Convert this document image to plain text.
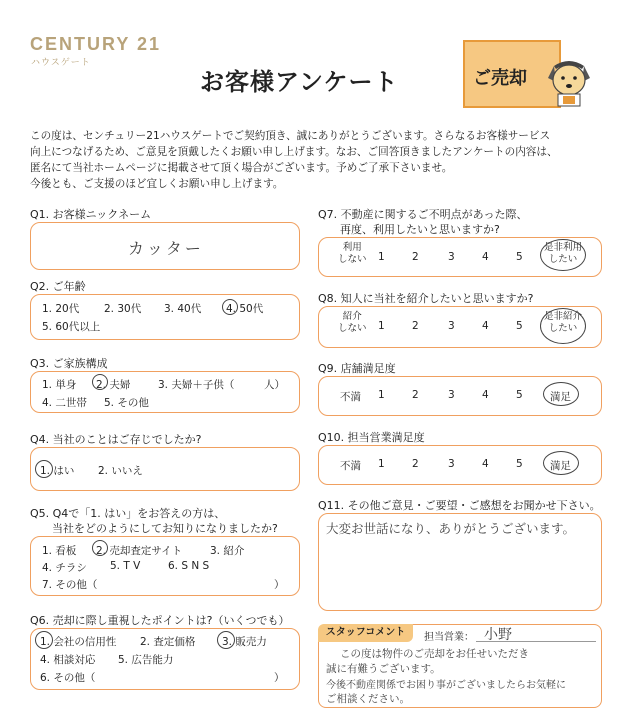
CENTURY 21
ハウスゲート
お客様アンケート	ご売却
この度は、センチュリー21ハウスゲートでご契約頂き、誠にありがとうございます。さらなるお客様サービス
向上につなげるため、ご意見を頂戴したくお願い申し上げます。なお、ご回答頂きましたアンケートの内容は、
匿名にて当社ホームページに掲載させて頂く場合がございます。予めご了承下さいませ。
今後とも、ご支援のほど宜しくお願い申し上げます。
Q1. お客様ニックネーム
カッター
Q2. ご年齢
1. 20代 2. 30代 3. 40代 4. 50代
5. 60代以上
Q3. ご家族構成
1. 単身 2. 夫婦	3. 夫婦＋子供（	人）
4. 二世帯 5. その他
Q4. 当社のことはご存じでしたか?
1. はい 2. いいえ
Q5. Q4で「1. はい」をお答えの方は、
当社をどのようにしてお知りになりましたか?
1. 看板 2. 売却査定サイト	3. 紹介
4. チラシ 5. T V	6. S N S
7. その他（	）
Q6. 売却に際し重視したポイントは?（いくつでも）
1. 会社の信用性 2. 査定価格	3. 販売力
4. 相談対応 5. 広告能力
6. その他（	）
Q7. 不動産に関するご不明点があった際、
再度、利用したいと思いますか?
利用
しない 1	2	3	4	5
是非利用
したい
Q8. 知人に当社を紹介したいと思いますか?
紹介
しない 1	2	3	4	5
是非紹介
したい
Q9. 店舗満足度
不満 1	2	3	4	5	満足
Q10. 担当営業満足度
不満 1	2	3	4	5	満足
Q11. その他ご意見・ご要望・ご感想をお聞かせ下さい。
大変お世話になり、ありがとうございます。
スタッフコメント	担当営業： 小野
この度は物件のご売却をお任せいただき
誠に有難うございます。
今後不動産関係でお困り事がございましたらお気軽に
ご相談ください。
